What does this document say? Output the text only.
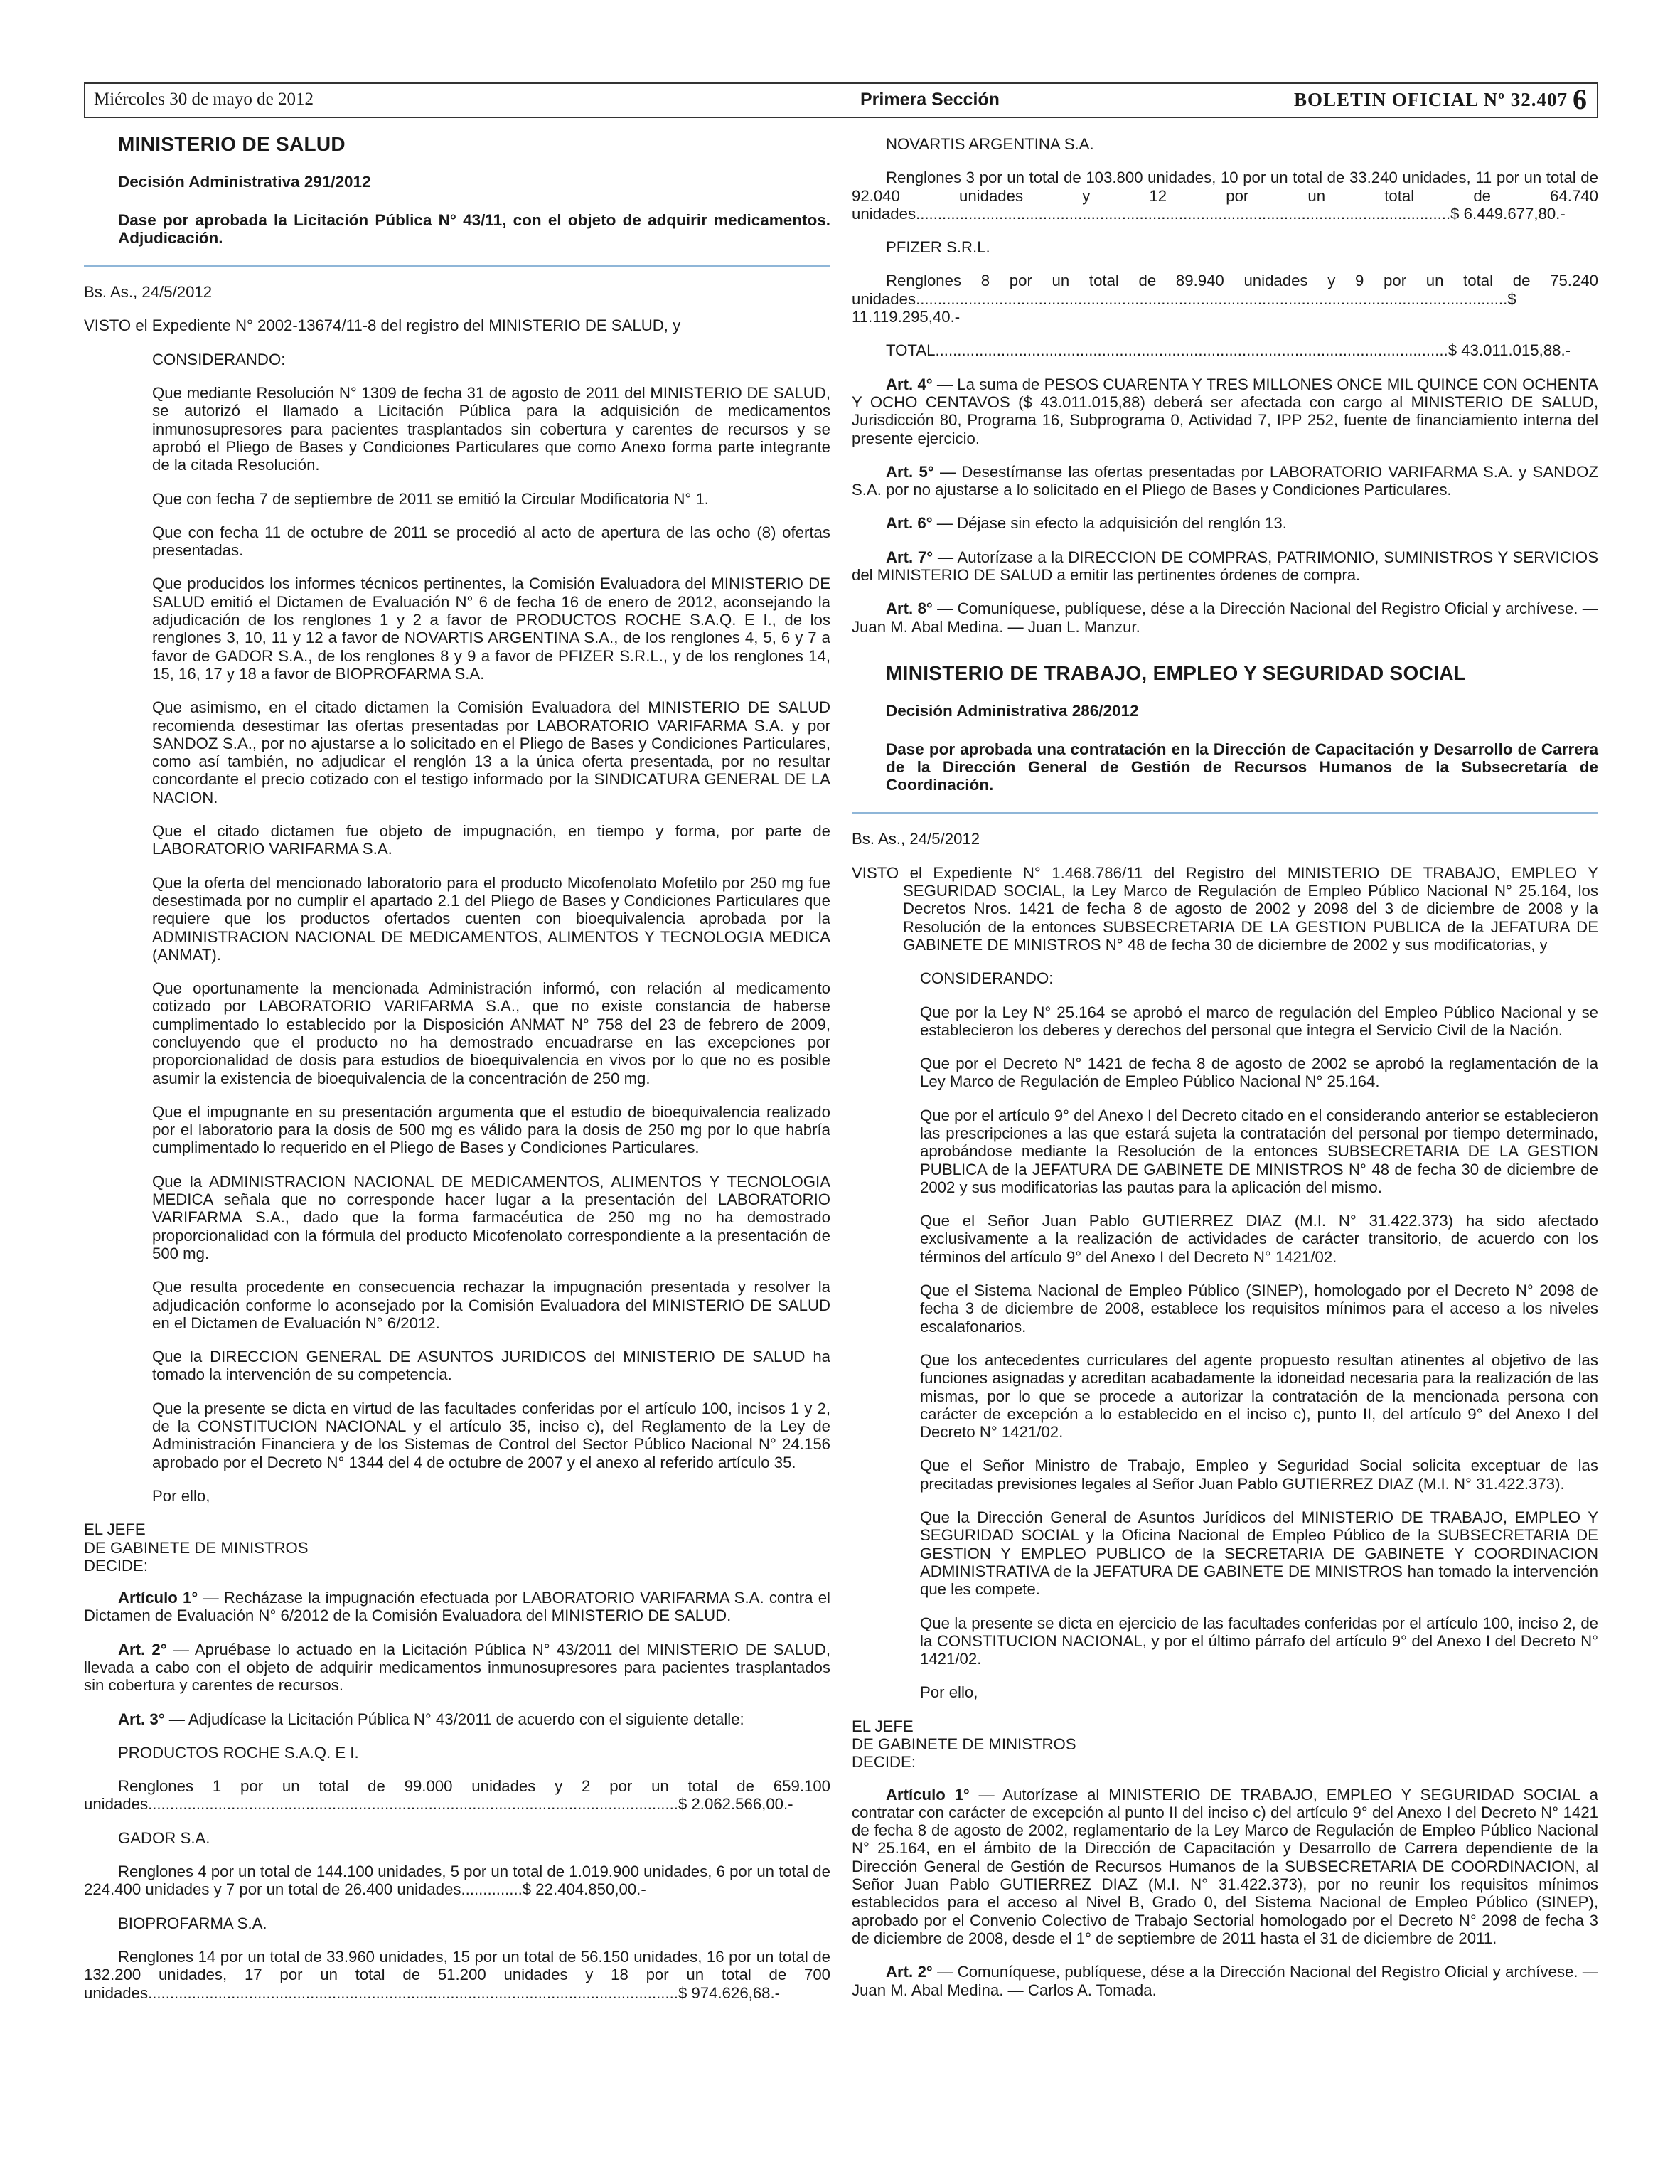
Miércoles 30 de mayo de 2012	Primera Sección	BOLETIN OFICIAL Nº 32.407 6
MINISTERIO DE SALUD
Decisión Administrativa 291/2012
Dase por aprobada la Licitación Pública N° 43/11, con el objeto de adquirir medicamentos. Adjudicación.

Bs. As., 24/5/2012

VISTO el Expediente N° 2002-13674/11-8 del registro del MINISTERIO DE SALUD, y

CONSIDERANDO:

Que mediante Resolución N° 1309 de fecha 31 de agosto de 2011 del MINISTERIO DE SALUD, se autorizó el llamado a Licitación Pública para la adquisición de medicamentos inmunosupresores para pacientes trasplantados sin cobertura y carentes de recursos y se aprobó el Pliego de Bases y Condiciones Particulares que como Anexo forma parte integrante de la citada Resolución.

Que con fecha 7 de septiembre de 2011 se emitió la Circular Modificatoria N° 1.

Que con fecha 11 de octubre de 2011 se procedió al acto de apertura de las ocho (8) ofertas presentadas.

Que producidos los informes técnicos pertinentes, la Comisión Evaluadora del MINISTERIO DE SALUD emitió el Dictamen de Evaluación N° 6 de fecha 16 de enero de 2012, aconsejando la adjudicación de los renglones 1 y 2 a favor de PRODUCTOS ROCHE S.A.Q. E I., de los renglones 3, 10, 11 y 12 a favor de NOVARTIS ARGENTINA S.A., de los renglones 4, 5, 6 y 7 a favor de GADOR S.A., de los renglones 8 y 9 a favor de PFIZER S.R.L., y de los renglones 14, 15, 16, 17 y 18 a favor de BIOPROFARMA S.A.

Que asimismo, en el citado dictamen la Comisión Evaluadora del MINISTERIO DE SALUD recomienda desestimar las ofertas presentadas por LABORATORIO VARIFARMA S.A. y por SANDOZ S.A., por no ajustarse a lo solicitado en el Pliego de Bases y Condiciones Particulares, como así también, no adjudicar el renglón 13 a la única oferta presentada, por no resultar concordante el precio cotizado con el testigo informado por la SINDICATURA GENERAL DE LA NACION.

Que el citado dictamen fue objeto de impugnación, en tiempo y forma, por parte de LABORATORIO VARIFARMA S.A.

Que la oferta del mencionado laboratorio para el producto Micofenolato Mofetilo por 250 mg fue desestimada por no cumplir el apartado 2.1 del Pliego de Bases y Condiciones Particulares que requiere que los productos ofertados cuenten con bioequivalencia aprobada por la ADMINISTRACION NACIONAL DE MEDICAMENTOS, ALIMENTOS Y TECNOLOGIA MEDICA (ANMAT).

Que oportunamente la mencionada Administración informó, con relación al medicamento cotizado por LABORATORIO VARIFARMA S.A., que no existe constancia de haberse cumplimentado lo establecido por la Disposición ANMAT N° 758 del 23 de febrero de 2009, concluyendo que el producto no ha demostrado encuadrarse en las excepciones por proporcionalidad de dosis para estudios de bioequivalencia en vivos por lo que no es posible asumir la existencia de bioequivalencia de la concentración de 250 mg.

Que el impugnante en su presentación argumenta que el estudio de bioequivalencia realizado por el laboratorio para la dosis de 500 mg es válido para la dosis de 250 mg por lo que habría cumplimentado lo requerido en el Pliego de Bases y Condiciones Particulares.

Que la ADMINISTRACION NACIONAL DE MEDICAMENTOS, ALIMENTOS Y TECNOLOGIA MEDICA señala que no corresponde hacer lugar a la presentación del LABORATORIO VARIFARMA S.A., dado que la forma farmacéutica de 250 mg no ha demostrado proporcionalidad con la fórmula del producto Micofenolato correspondiente a la presentación de 500 mg.

Que resulta procedente en consecuencia rechazar la impugnación presentada y resolver la adjudicación conforme lo aconsejado por la Comisión Evaluadora del MINISTERIO DE SALUD en el Dictamen de Evaluación N° 6/2012.

Que la DIRECCION GENERAL DE ASUNTOS JURIDICOS del MINISTERIO DE SALUD ha tomado la intervención de su competencia.

Que la presente se dicta en virtud de las facultades conferidas por el artículo 100, incisos 1 y 2, de la CONSTITUCION NACIONAL y el artículo 35, inciso c), del Reglamento de la Ley de Administración Financiera y de los Sistemas de Control del Sector Público Nacional N° 24.156 aprobado por el Decreto N° 1344 del 4 de octubre de 2007 y el anexo al referido artículo 35.

Por ello,

EL JEFE
DE GABINETE DE MINISTROS
DECIDE:

Artículo 1° — Recházase la impugnación efectuada por LABORATORIO VARIFARMA S.A. contra el Dictamen de Evaluación N° 6/2012 de la Comisión Evaluadora del MINISTERIO DE SALUD.

Art. 2° — Apruébase lo actuado en la Licitación Pública N° 43/2011 del MINISTERIO DE SALUD, llevada a cabo con el objeto de adquirir medicamentos inmunosupresores para pacientes trasplantados sin cobertura y carentes de recursos.

Art. 3° — Adjudícase la Licitación Pública N° 43/2011 de acuerdo con el siguiente detalle:

PRODUCTOS ROCHE S.A.Q. E I.

Renglones 1 por un total de 99.000 unidades y 2 por un total de 659.100 unidades.........................................................................................................................$ 2.062.566,00.-

GADOR S.A.

Renglones 4 por un total de 144.100 unidades, 5 por un total de 1.019.900 unidades, 6 por un total de 224.400 unidades y 7 por un total de 26.400 unidades..............$ 22.404.850,00.-

BIOPROFARMA S.A.

Renglones 14 por un total de 33.960 unidades, 15 por un total de 56.150 unidades, 16 por un total de 132.200 unidades, 17 por un total de 51.200 unidades y 18 por un total de 700 unidades.........................................................................................................................$ 974.626,68.-

NOVARTIS ARGENTINA S.A.

Renglones 3 por un total de 103.800 unidades, 10 por un total de 33.240 unidades, 11 por un total de 92.040 unidades y 12 por un total de 64.740 unidades..........................................................................................................................$ 6.449.677,80.-

PFIZER S.R.L.

Renglones 8 por un total de 89.940 unidades y 9 por un total de 75.240 unidades.......................................................................................................................................$ 11.119.295,40.-

TOTAL.....................................................................................................................$ 43.011.015,88.-

Art. 4° — La suma de PESOS CUARENTA Y TRES MILLONES ONCE MIL QUINCE CON OCHENTA Y OCHO CENTAVOS ($ 43.011.015,88) deberá ser afectada con cargo al MINISTERIO DE SALUD, Jurisdicción 80, Programa 16, Subprograma 0, Actividad 7, IPP 252, fuente de financiamiento interna del presente ejercicio.

Art. 5° — Desestímanse las ofertas presentadas por LABORATORIO VARIFARMA S.A. y SANDOZ S.A. por no ajustarse a lo solicitado en el Pliego de Bases y Condiciones Particulares.

Art. 6° — Déjase sin efecto la adquisición del renglón 13.

Art. 7° — Autorízase a la DIRECCION DE COMPRAS, PATRIMONIO, SUMINISTROS Y SERVICIOS del MINISTERIO DE SALUD a emitir las pertinentes órdenes de compra.

Art. 8° — Comuníquese, publíquese, dése a la Dirección Nacional del Registro Oficial y archívese. — Juan M. Abal Medina. — Juan L. Manzur.

MINISTERIO DE TRABAJO, EMPLEO Y SEGURIDAD SOCIAL
Decisión Administrativa 286/2012
Dase por aprobada una contratación en la Dirección de Capacitación y Desarrollo de Carrera de la Dirección General de Gestión de Recursos Humanos de la Subsecretaría de Coordinación.

Bs. As., 24/5/2012

VISTO el Expediente N° 1.468.786/11 del Registro del MINISTERIO DE TRABAJO, EMPLEO Y SEGURIDAD SOCIAL, la Ley Marco de Regulación de Empleo Público Nacional N° 25.164, los Decretos Nros. 1421 de fecha 8 de agosto de 2002 y 2098 del 3 de diciembre de 2008 y la Resolución de la entonces SUBSECRETARIA DE LA GESTION PUBLICA de la JEFATURA DE GABINETE DE MINISTROS N° 48 de fecha 30 de diciembre de 2002 y sus modificatorias, y

CONSIDERANDO:

Que por la Ley N° 25.164 se aprobó el marco de regulación del Empleo Público Nacional y se establecieron los deberes y derechos del personal que integra el Servicio Civil de la Nación.

Que por el Decreto N° 1421 de fecha 8 de agosto de 2002 se aprobó la reglamentación de la Ley Marco de Regulación de Empleo Público Nacional N° 25.164.

Que por el artículo 9° del Anexo I del Decreto citado en el considerando anterior se establecieron las prescripciones a las que estará sujeta la contratación del personal por tiempo determinado, aprobándose mediante la Resolución de la entonces SUBSECRETARIA DE LA GESTION PUBLICA de la JEFATURA DE GABINETE DE MINISTROS N° 48 de fecha 30 de diciembre de 2002 y sus modificatorias las pautas para la aplicación del mismo.

Que el Señor Juan Pablo GUTIERREZ DIAZ (M.I. N° 31.422.373) ha sido afectado exclusivamente a la realización de actividades de carácter transitorio, de acuerdo con los términos del artículo 9° del Anexo I del Decreto N° 1421/02.

Que el Sistema Nacional de Empleo Público (SINEP), homologado por el Decreto N° 2098 de fecha 3 de diciembre de 2008, establece los requisitos mínimos para el acceso a los niveles escalafonarios.

Que los antecedentes curriculares del agente propuesto resultan atinentes al objetivo de las funciones asignadas y acreditan acabadamente la idoneidad necesaria para la realización de las mismas, por lo que se procede a autorizar la contratación de la mencionada persona con carácter de excepción a lo establecido en el inciso c), punto II, del artículo 9° del Anexo I del Decreto N° 1421/02.

Que el Señor Ministro de Trabajo, Empleo y Seguridad Social solicita exceptuar de las precitadas previsiones legales al Señor Juan Pablo GUTIERREZ DIAZ (M.I. N° 31.422.373).

Que la Dirección General de Asuntos Jurídicos del MINISTERIO DE TRABAJO, EMPLEO Y SEGURIDAD SOCIAL y la Oficina Nacional de Empleo Público de la SUBSECRETARIA DE GESTION Y EMPLEO PUBLICO de la SECRETARIA DE GABINETE Y COORDINACION ADMINISTRATIVA de la JEFATURA DE GABINETE DE MINISTROS han tomado la intervención que les compete.

Que la presente se dicta en ejercicio de las facultades conferidas por el artículo 100, inciso 2, de la CONSTITUCION NACIONAL, y por el último párrafo del artículo 9° del Anexo I del Decreto N° 1421/02.

Por ello,

EL JEFE
DE GABINETE DE MINISTROS
DECIDE:

Artículo 1° — Autorízase al MINISTERIO DE TRABAJO, EMPLEO Y SEGURIDAD SOCIAL a contratar con carácter de excepción al punto II del inciso c) del artículo 9° del Anexo I del Decreto N° 1421 de fecha 8 de agosto de 2002, reglamentario de la Ley Marco de Regulación de Empleo Público Nacional N° 25.164, en el ámbito de la Dirección de Capacitación y Desarrollo de Carrera dependiente de la Dirección General de Gestión de Recursos Humanos de la SUBSECRETARIA DE COORDINACION, al Señor Juan Pablo GUTIERREZ DIAZ (M.I. N° 31.422.373), por no reunir los requisitos mínimos establecidos para el acceso al Nivel B, Grado 0, del Sistema Nacional de Empleo Público (SINEP), aprobado por el Convenio Colectivo de Trabajo Sectorial homologado por el Decreto N° 2098 de fecha 3 de diciembre de 2008, desde el 1° de septiembre de 2011 hasta el 31 de diciembre de 2011.

Art. 2° — Comuníquese, publíquese, dése a la Dirección Nacional del Registro Oficial y archívese. — Juan M. Abal Medina. — Carlos A. Tomada.
